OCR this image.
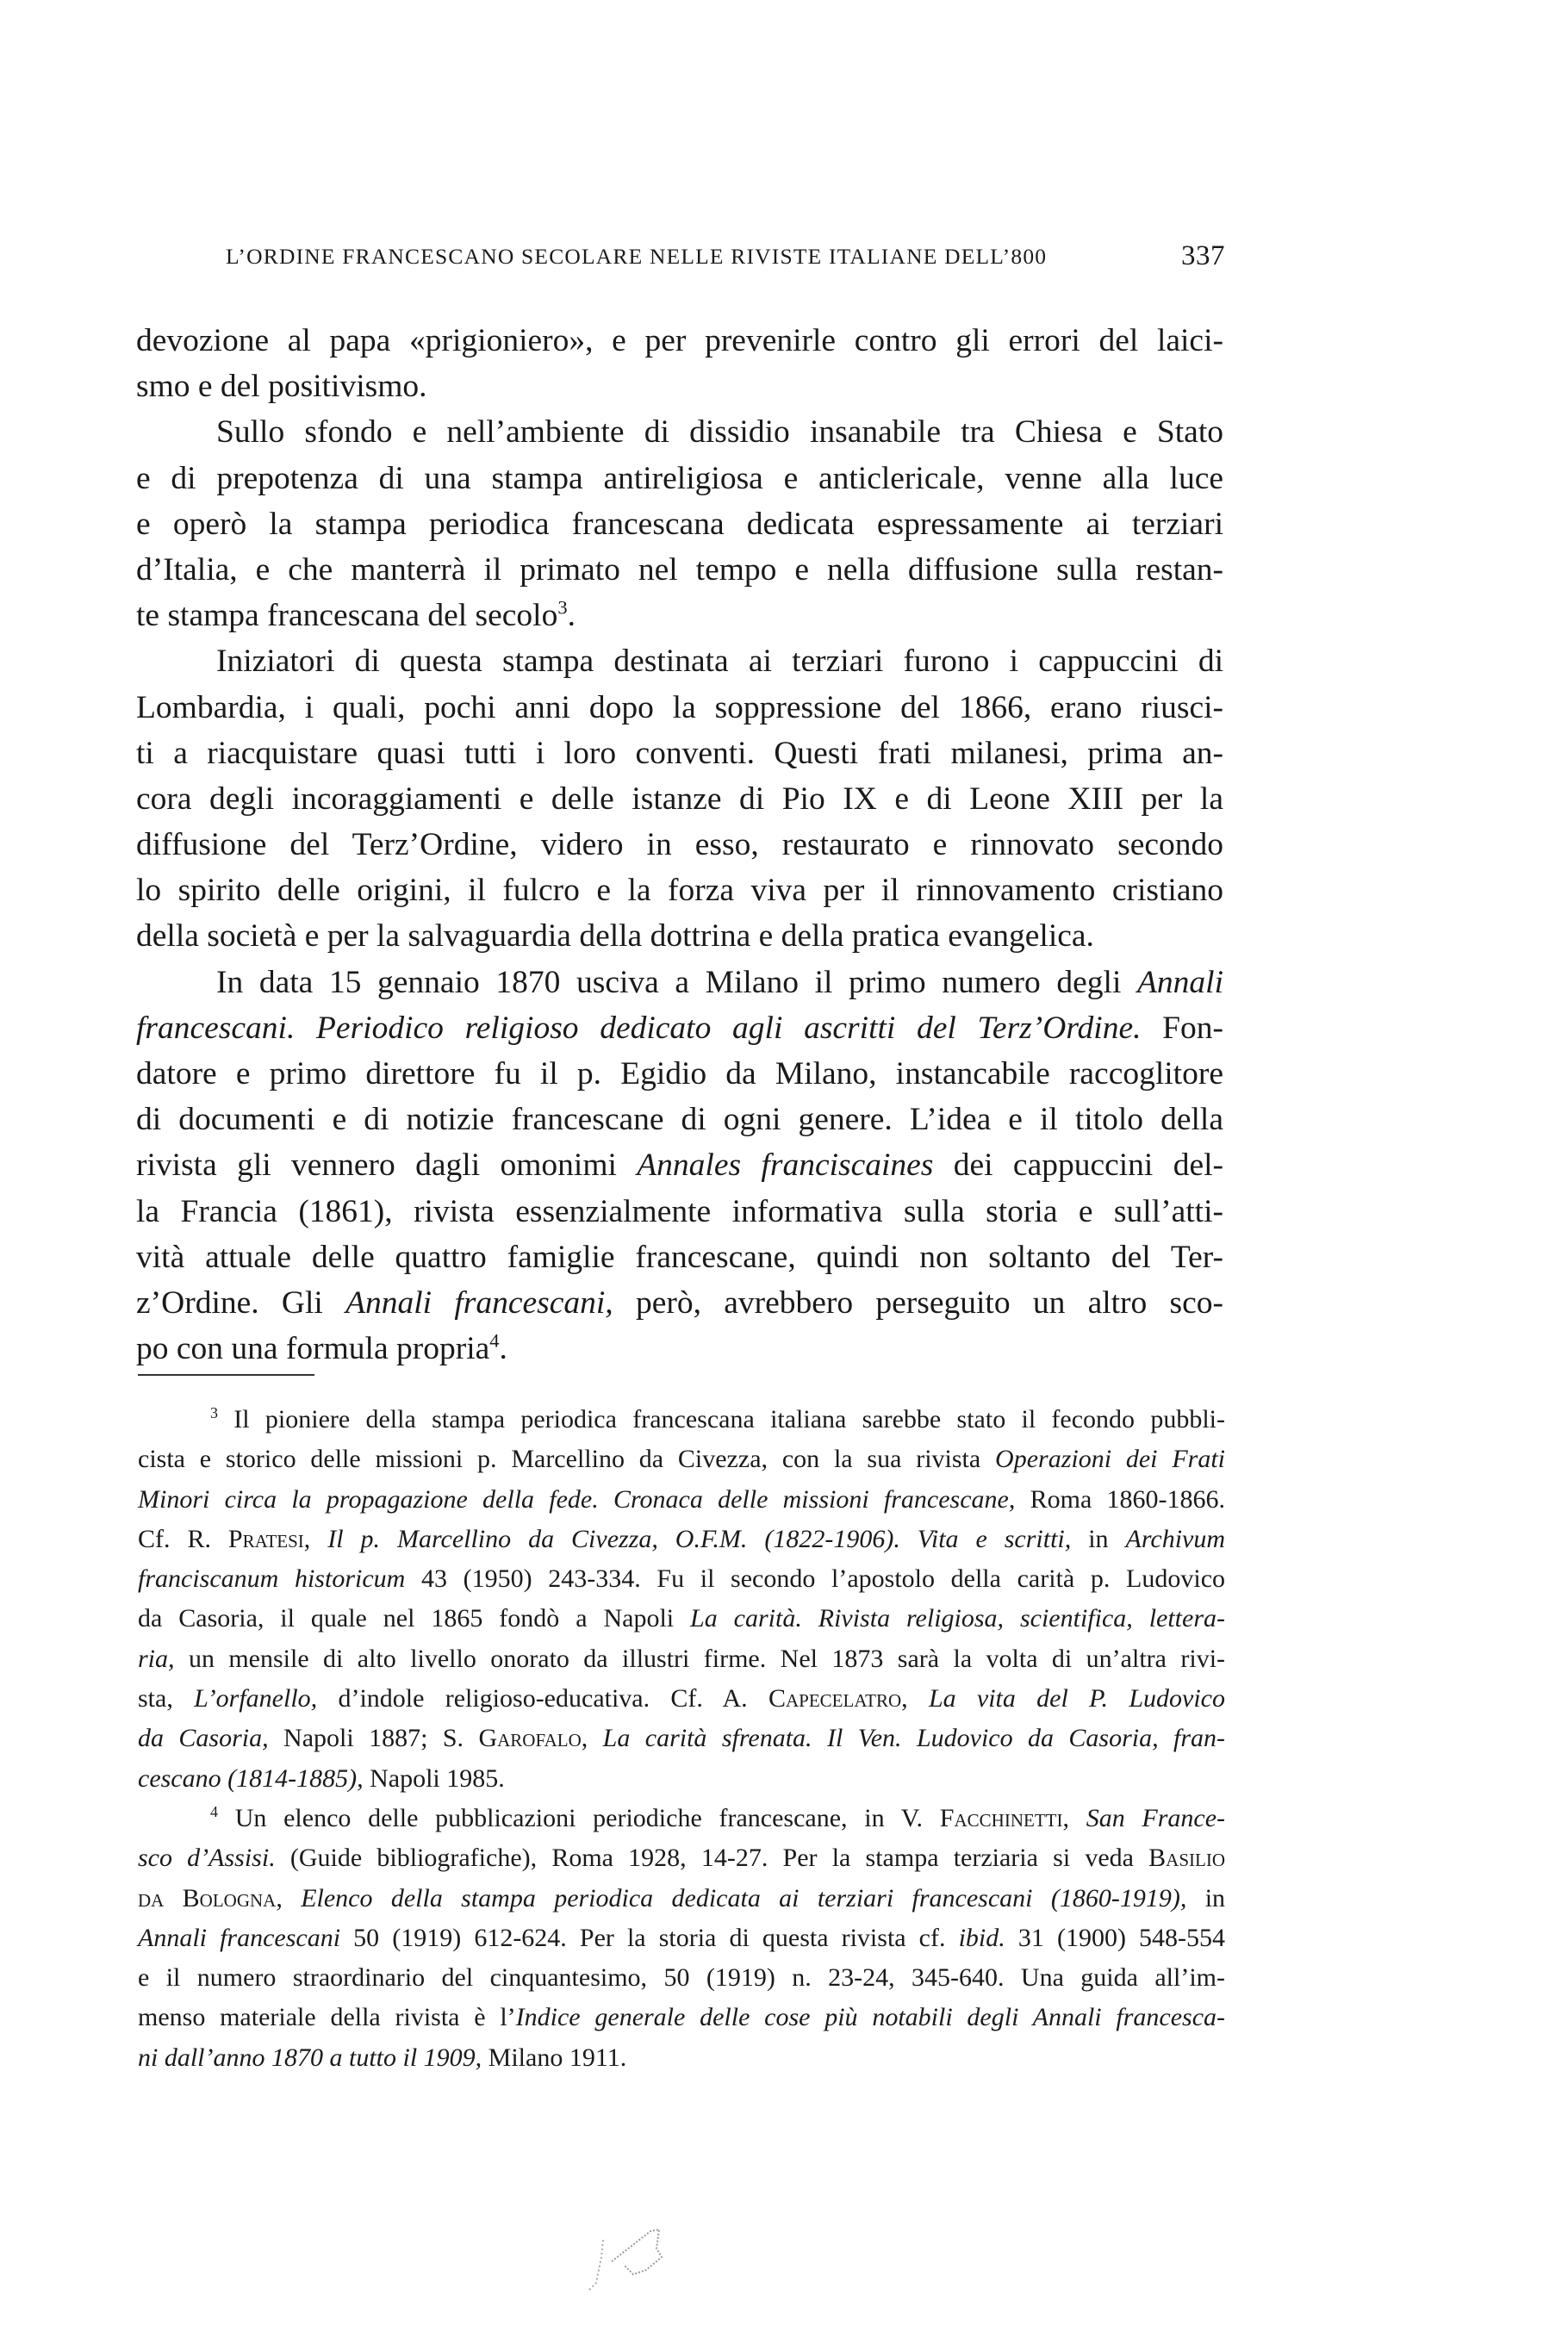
L’ORDINE FRANCESCANO SECOLARE NELLE RIVISTE ITALIANE DELL’800	337
devozione al papa «prigioniero», e per prevenirle contro gli errori del laici-
smo e del positivismo.
Sullo sfondo e nell’ambiente di dissidio insanabile tra Chiesa e Stato
e di prepotenza di una stampa antireligiosa e anticlericale, venne alla luce
e operò la stampa periodica francescana dedicata espressamente ai terziari
d’Italia, e che manterrà il primato nel tempo e nella diffusione sulla restan-
te stampa francescana del secolo$^3$.
Iniziatori di questa stampa destinata ai terziari furono i cappuccini di
Lombardia, i quali, pochi anni dopo la soppressione del 1866, erano riusci-
ti a riacquistare quasi tutti i loro conventi. Questi frati milanesi, prima an-
cora degli incoraggiamenti e delle istanze di Pio IX e di Leone XIII per la
diffusione del Terz’Ordine, videro in esso, restaurato e rinnovato secondo
lo spirito delle origini, il fulcro e la forza viva per il rinnovamento cristiano
della società e per la salvaguardia della dottrina e della pratica evangelica.
In data 15 gennaio 1870 usciva a Milano il primo numero degli Annali
francescani. Periodico religioso dedicato agli ascritti del Terz’Ordine. Fon-
datore e primo direttore fu il p. Egidio da Milano, instancabile raccoglitore
di documenti e di notizie francescane di ogni genere. L’idea e il titolo della
rivista gli vennero dagli omonimi Annales franciscaines dei cappuccini del-
la Francia (1861), rivista essenzialmente informativa sulla storia e sull’atti-
vità attuale delle quattro famiglie francescane, quindi non soltanto del Ter-
z’Ordine. Gli Annali francescani, però, avrebbero perseguito un altro sco-
po con una formula propria$^4$.
$^3$ Il pioniere della stampa periodica francescana italiana sarebbe stato il fecondo pubbli-
cista e storico delle missioni p. Marcellino da Civezza, con la sua rivista Operazioni dei Frati
Minori circa la propagazione della fede. Cronaca delle missioni francescane, Roma 1860-1866.
Cf. R. Pratesi, Il p. Marcellino da Civezza, O.F.M. (1822-1906). Vita e scritti, in Archivum
franciscanum historicum 43 (1950) 243-334. Fu il secondo l’apostolo della carità p. Ludovico
da Casoria, il quale nel 1865 fondò a Napoli La carità. Rivista religiosa, scientifica, lettera-
ria, un mensile di alto livello onorato da illustri firme. Nel 1873 sarà la volta di un’altra rivi-
sta, L’orfanello, d’indole religioso-educativa. Cf. A. Capecelatro, La vita del P. Ludovico
da Casoria, Napoli 1887; S. Garofalo, La carità sfrenata. Il Ven. Ludovico da Casoria, fran-
cescano (1814-1885), Napoli 1985.
$^4$ Un elenco delle pubblicazioni periodiche francescane, in V. Facchinetti, San France-
sco d’Assisi. (Guide bibliografiche), Roma 1928, 14-27. Per la stampa terziaria si veda Basilio
da Bologna, Elenco della stampa periodica dedicata ai terziari francescani (1860-1919), in
Annali francescani 50 (1919) 612-624. Per la storia di questa rivista cf. ibid. 31 (1900) 548-554
e il numero straordinario del cinquantesimo, 50 (1919) n. 23-24, 345-640. Una guida all’im-
menso materiale della rivista è l’Indice generale delle cose più notabili degli Annali francesca-
ni dall’anno 1870 a tutto il 1909, Milano 1911.
